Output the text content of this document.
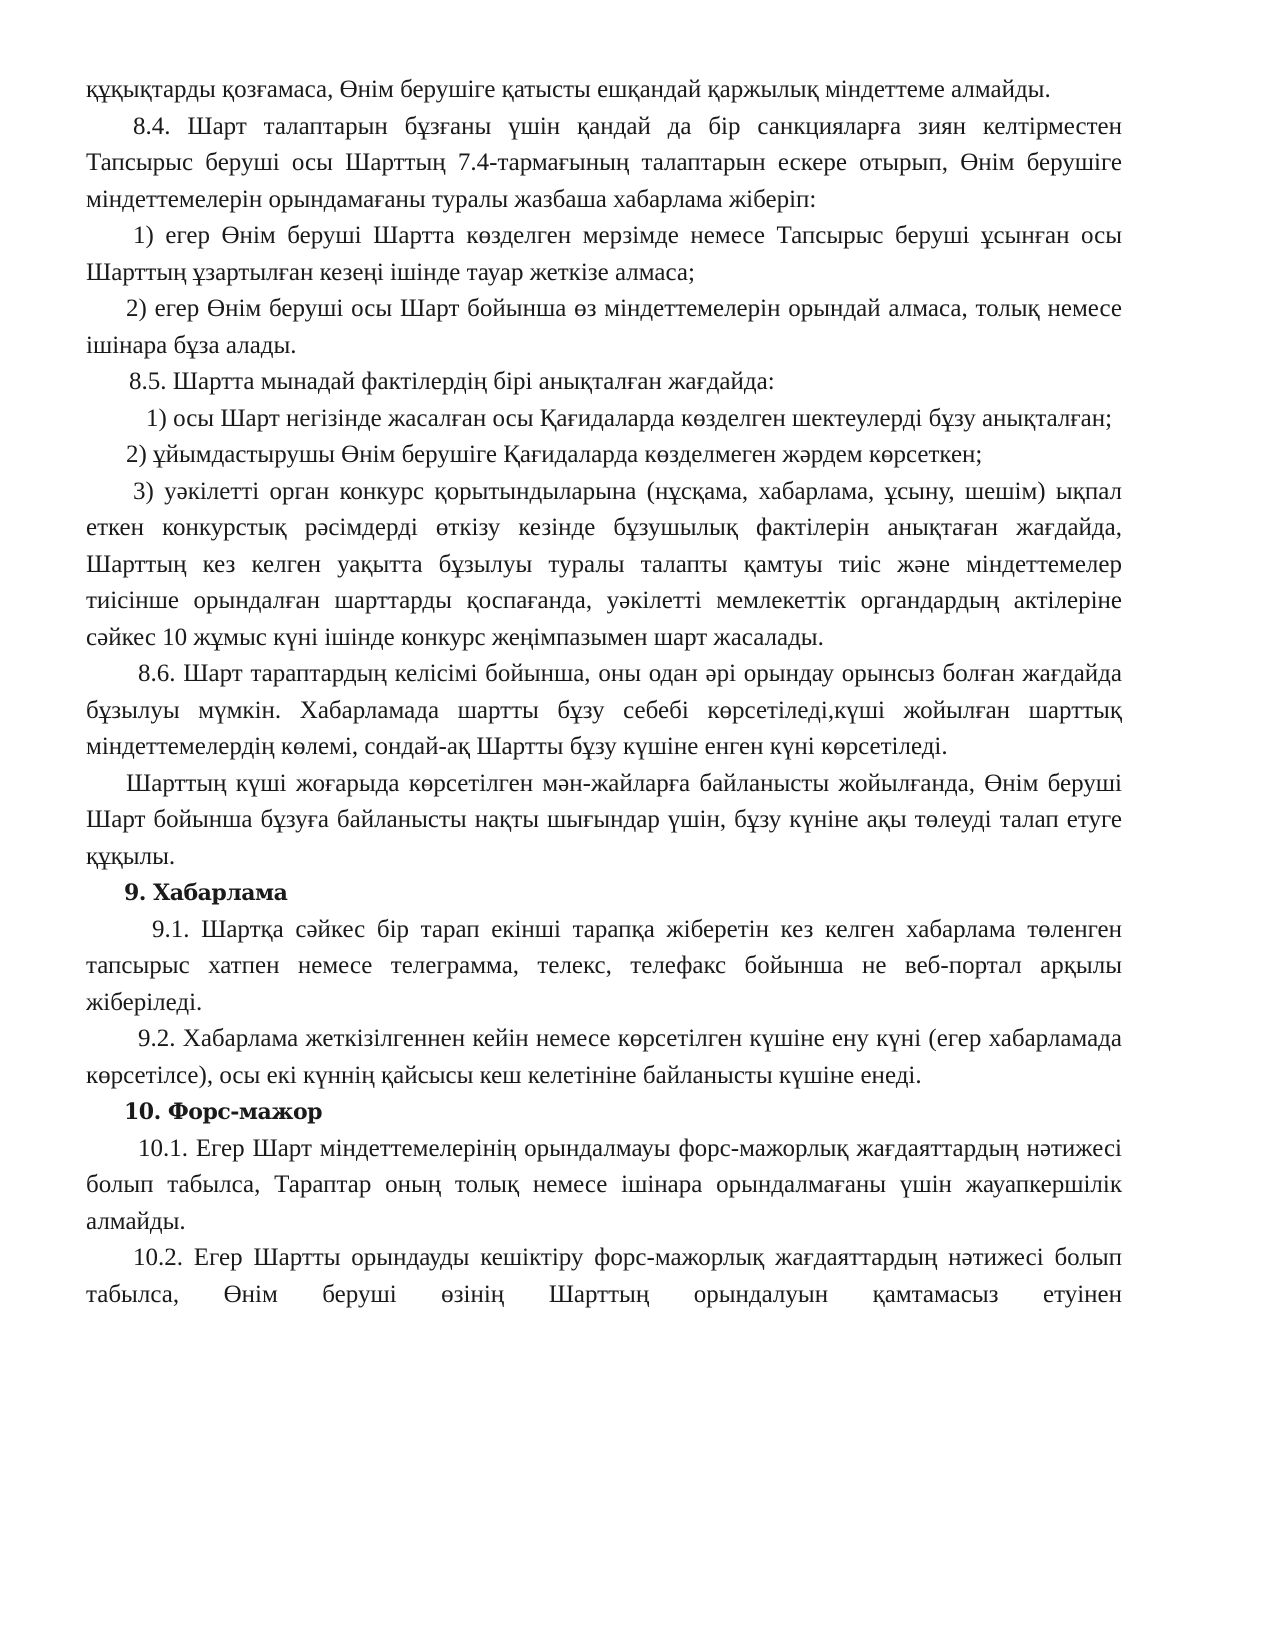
құқықтарды қозғамаса, Өнім берушіге қатысты ешқандай қаржылық міндеттеме алмайды.

8.4. Шарт талаптарын бұзғаны үшін қандай да бір санкцияларға зиян келтірместен Тапсырыс беруші осы Шарттың 7.4-тармағының талаптарын ескере отырып, Өнім берушіге міндеттемелерін орындамағаны туралы жазбаша хабарлама жіберіп:

1) егер Өнім беруші Шартта көзделген мерзімде немесе Тапсырыс беруші ұсынған осы Шарттың ұзартылған кезеңі ішінде тауар жеткізе алмаса;

2) егер Өнім беруші осы Шарт бойынша өз міндеттемелерін орындай алмаса, толық немесе ішінара бұза алады.

8.5. Шартта мынадай фактілердің бірі анықталған жағдайда:

1) осы Шарт негізінде жасалған осы Қағидаларда көзделген шектеулерді бұзу анықталған;

2) ұйымдастырушы Өнім берушіге Қағидаларда көзделмеген жәрдем көрсеткен;

3) уәкілетті орган конкурс қорытындыларына (нұсқама, хабарлама, ұсыну, шешім) ықпал еткен конкурстық рәсімдерді өткізу кезінде бұзушылық фактілерін анықтаған жағдайда, Шарттың кез келген уақытта бұзылуы туралы талапты қамтуы тиіс және міндеттемелер тиісінше орындалған шарттарды қоспағанда, уәкілетті мемлекеттік органдардың актілеріне сәйкес 10 жұмыс күні ішінде конкурс жеңімпазымен шарт жасалады.

8.6. Шарт тараптардың келісімі бойынша, оны одан әрі орындау орынсыз болған жағдайда бұзылуы мүмкін. Хабарламада шартты бұзу себебі көрсетіледі,күші жойылған шарттық міндеттемелердің көлемі, сондай-ақ Шартты бұзу күшіне енген күні көрсетіледі.

Шарттың күші жоғарыда көрсетілген мән-жайларға байланысты жойылғанда, Өнім беруші Шарт бойынша бұзуға байланысты нақты шығындар үшін, бұзу күніне ақы төлеуді талап етуге құқылы.

9. Хабарлама

9.1. Шартқа сәйкес бір тарап екінші тарапқа жіберетін кез келген хабарлама төленген тапсырыс хатпен немесе телеграмма, телекс, телефакс бойынша не веб-портал арқылы жіберіледі.

9.2. Хабарлама жеткізілгеннен кейін немесе көрсетілген күшіне ену күні (егер хабарламада көрсетілсе), осы екі күннің қайсысы кеш келетініне байланысты күшіне енеді.

10. Форс-мажор

10.1. Егер Шарт міндеттемелерінің орындалмауы форс-мажорлық жағдаяттардың нәтижесі болып табылса, Тараптар оның толық немесе ішінара орындалмағаны үшін жауапкершілік алмайды.

10.2. Егер Шартты орындауды кешіктіру форс-мажорлық жағдаяттардың нәтижесі болып табылса, Өнім беруші өзінің Шарттың орындалуын қамтамасыз етуінен
